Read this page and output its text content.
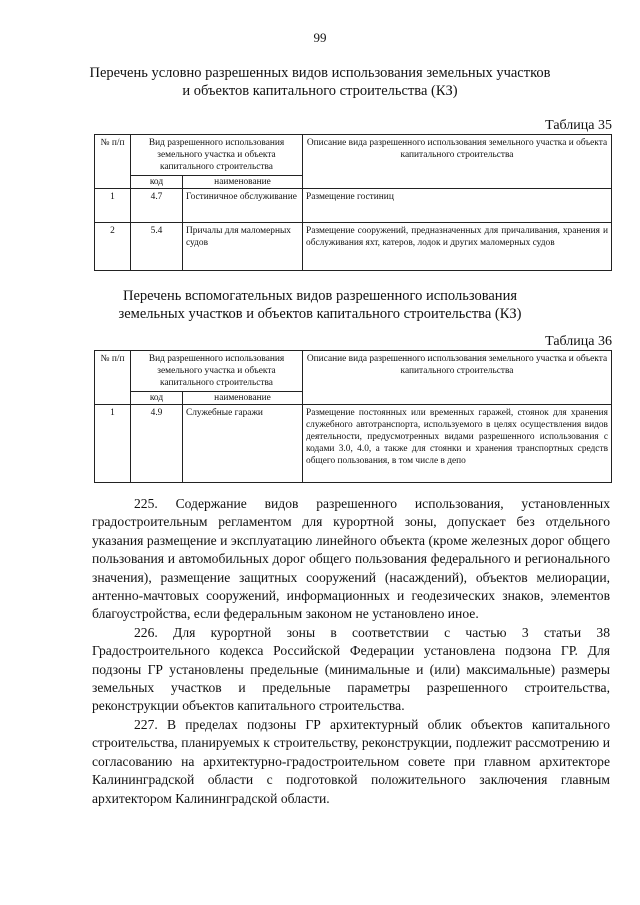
99
Перечень условно разрешенных видов использования земельных участков
и объектов капитального строительства (КЗ)
Таблица 35
№ п/п	Вид разрешенного использования земельного участка и объекта капитального строительства		Описание вида разрешенного использования земельного участка и объекта капитального строительства
	код	наименование	
1	4.7	Гостиничное обслуживание	Размещение гостиниц
2	5.4	Причалы для маломерных судов	Размещение сооружений, предназначенных для причаливания, хранения и обслуживания яхт, катеров, лодок и других маломерных судов
Перечень вспомогательных видов разрешенного использования
земельных участков и объектов капитального строительства (КЗ)
Таблица 36
№ п/п	Вид разрешенного использования земельного участка и объекта капитального строительства		Описание вида разрешенного использования земельного участка и объекта капитального строительства
	код	наименование	
1	4.9	Служебные гаражи	Размещение постоянных или временных гаражей, стоянок для хранения служебного автотранспорта, используемого в целях осуществления видов деятельности, предусмотренных видами разрешенного использования с кодами 3.0, 4.0, а также для стоянки и хранения транспортных средств общего пользования, в том числе в депо

225. Содержание видов разрешенного использования, установленных градостроительным регламентом для курортной зоны, допускает без отдельного указания размещение и эксплуатацию линейного объекта (кроме железных дорог общего пользования и автомобильных дорог общего пользования федерального и регионального значения), размещение защитных сооружений (насаждений), объектов мелиорации, антенно-мачтовых сооружений, информационных и геодезических знаков, элементов благоустройства, если федеральным законом не установлено иное.

226. Для курортной зоны в соответствии с частью 3 статьи 38 Градостроительного кодекса Российской Федерации установлена подзона ГР. Для подзоны ГР установлены предельные (минимальные и (или) максимальные) размеры земельных участков и предельные параметры разрешенного строительства, реконструкции объектов капитального строительства.

227. В пределах подзоны ГР архитектурный облик объектов капитального строительства, планируемых к строительству, реконструкции, подлежит рассмотрению и согласованию на архитектурно-градостроительном совете при главном архитекторе Калининградской области с подготовкой положительного заключения главным архитектором Калининградской области.
